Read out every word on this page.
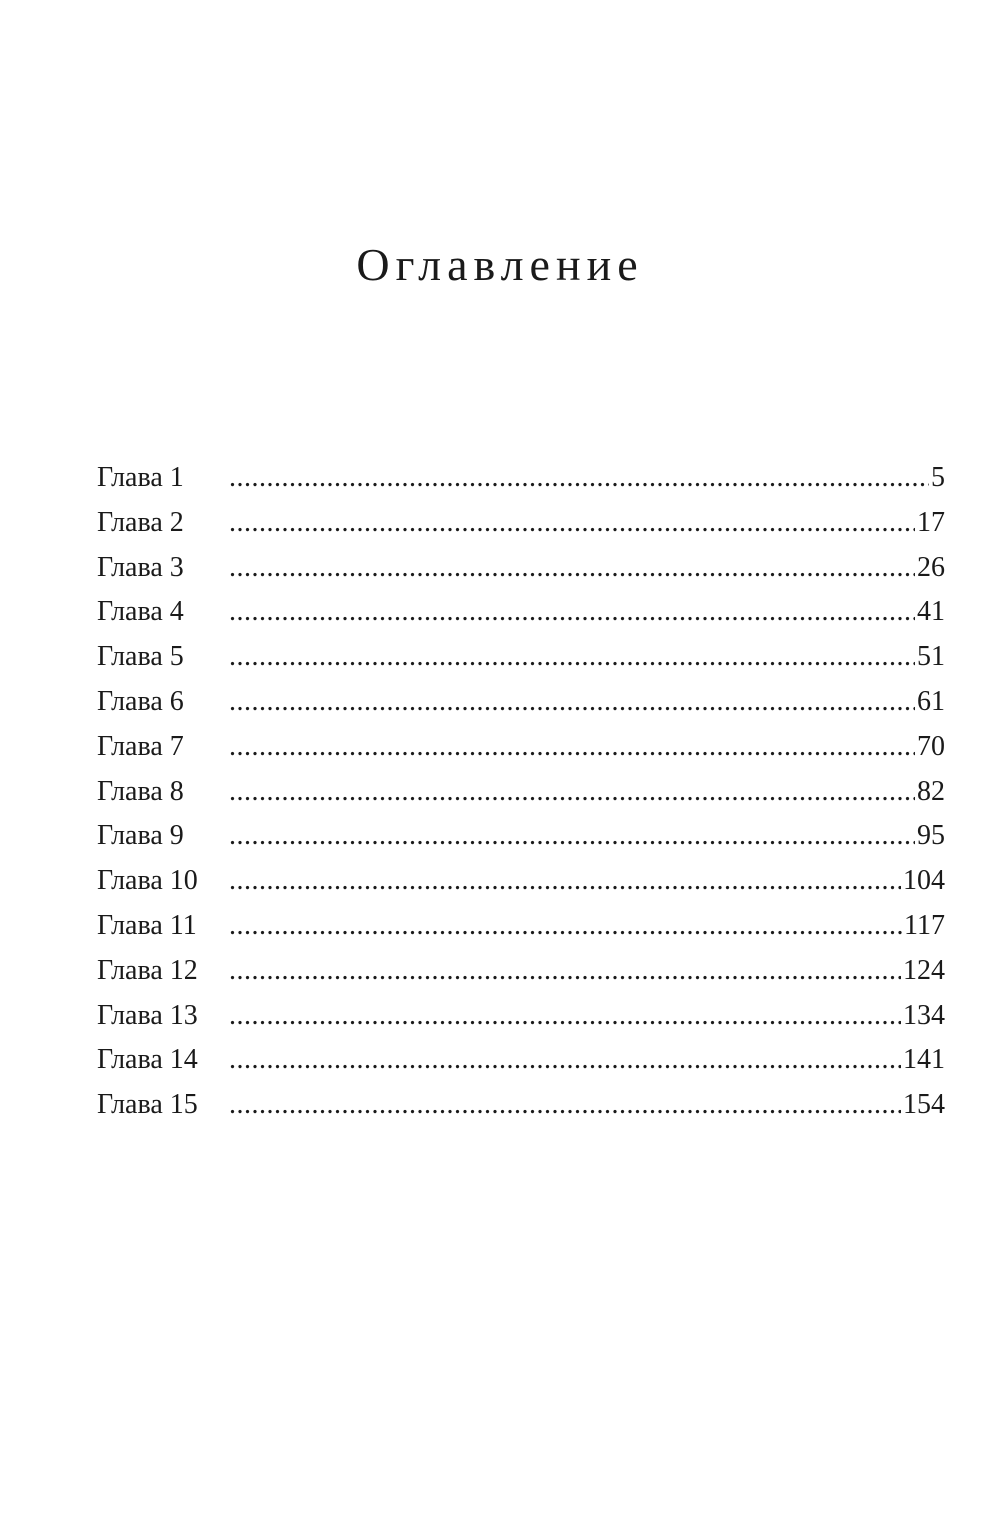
Оглавление
Глава 1 .....	5
Глава 2 .....	17
Глава 3 .....	26
Глава 4 .....	41
Глава 5 .....	51
Глава 6 .....	61
Глава 7 .....	70
Глава 8 .....	82
Глава 9 .....	95
Глава 10 .....	104
Глава 11 .....	117
Глава 12 .....	124
Глава 13 .....	134
Глава 14 .....	141
Глава 15 .....	154
